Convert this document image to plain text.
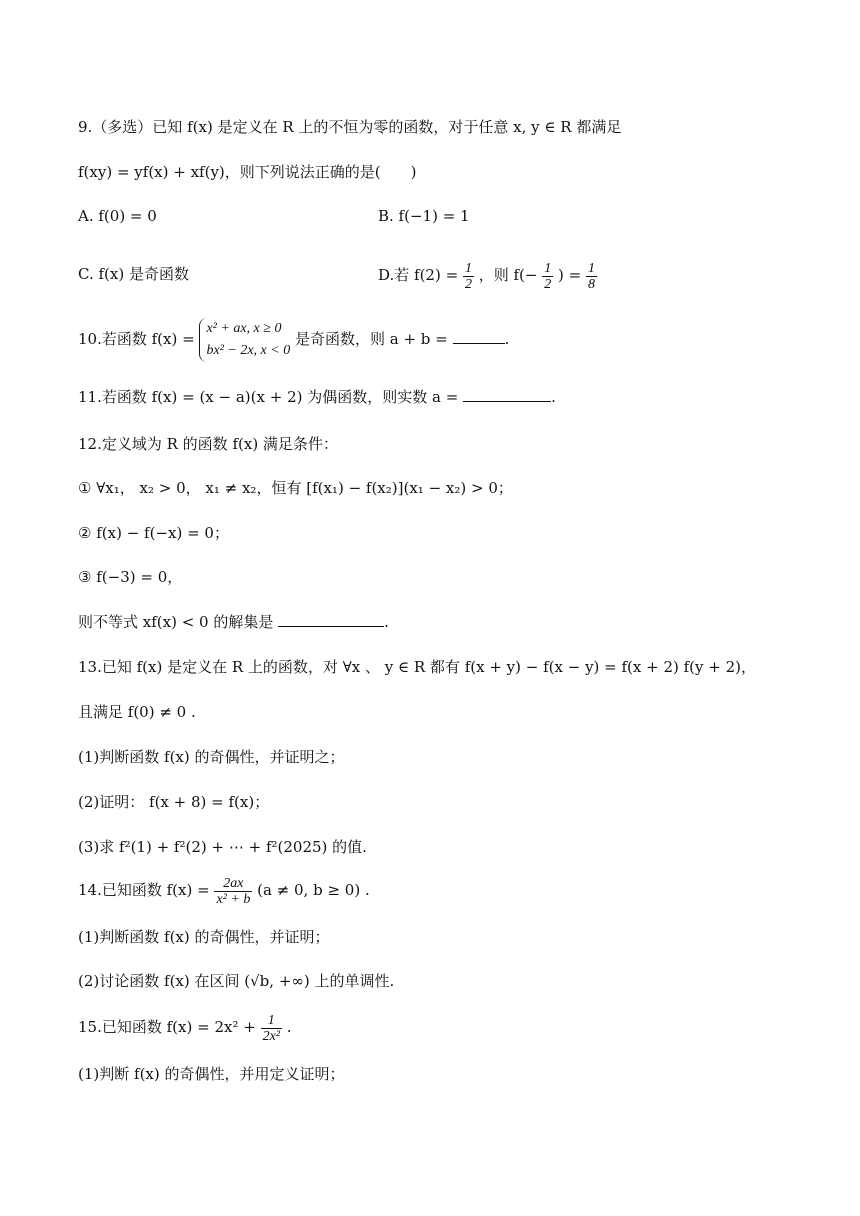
9.（多选）已知 f(x) 是定义在 R 上的不恒为零的函数，对于任意 x, y ∈ R 都满足
f(xy) = yf(x) + xf(y)，则下列说法正确的是(　　)
A. f(0) = 0	B. f(−1) = 1
C. f(x) 是奇函数	D.若 $f(2) = \frac{1}{2}$ ，则 $f(- \frac{1}{2}$ ) = $\frac{1}{8}$
10.若函数 f(x) =
x² + ax, x ≥ 0
bx² − 2x, x < 0
是奇函数，则 a + b =	.
11.若函数 f(x) = (x − a)(x + 2) 为偶函数，则实数 a =	.
12.定义域为 R 的函数 f(x) 满足条件：
① ∀x₁， x₂ > 0， x₁ ≠ x₂，恒有 [f(x₁) − f(x₂)](x₁ − x₂) > 0；
② f(x) − f(−x) = 0；
③ f(−3) = 0，
则不等式 xf(x) < 0 的解集是	.
13.已知 f(x) 是定义在 R 上的函数，对 ∀x 、 y ∈ R 都有 f(x + y) − f(x − y) = f(x + 2) f(y + 2)，
且满足 f(0) ≠ 0 .
(1)判断函数 f(x) 的奇偶性，并证明之；
(2)证明： f(x + 8) = f(x)；
(3)求 f²(1) + f²(2) + ⋯ + f²(2025) 的值.
14.已知函数 $f(x) = \frac{2ax}{\text{x² + b}} (a \ne 0$, b ≥ 0) .
(1)判断函数 f(x) 的奇偶性，并证明；
(2)讨论函数 f(x) 在区间 (√b, +∞) 上的单调性.
15.已知函数 $f(x) = 2x^2 + \frac{1}{\text{2x²}}$ .
(1)判断 f(x) 的奇偶性，并用定义证明；
